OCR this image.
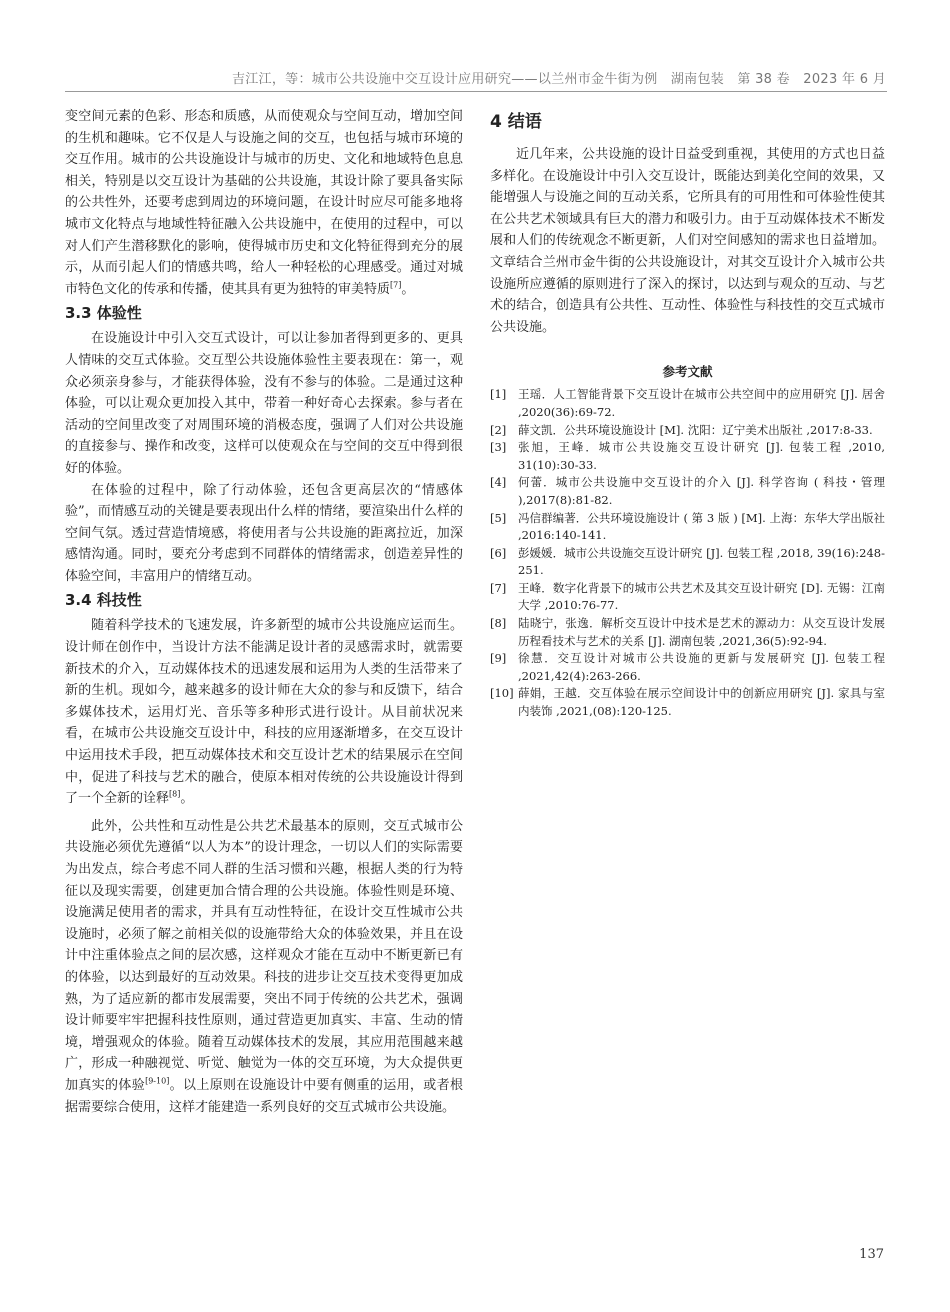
吉江江，等：城市公共设施中交互设计应用研究——以兰州市金牛街为例　湖南包装　第 38 卷　2023 年 6 月

变空间元素的色彩、形态和质感，从而使观众与空间互动，增加空间的生机和趣味。它不仅是人与设施之间的交互，也包括与城市环境的交互作用。城市的公共设施设计与城市的历史、文化和地域特色息息相关，特别是以交互设计为基础的公共设施，其设计除了要具备实际的公共性外，还要考虑到周边的环境问题，在设计时应尽可能多地将城市文化特点与地域性特征融入公共设施中，在使用的过程中，可以对人们产生潜移默化的影响，使得城市历史和文化特征得到充分的展示，从而引起人们的情感共鸣，给人一种轻松的心理感受。通过对城市特色文化的传承和传播，使其具有更为独特的审美特质[7]。

3.3 体验性

在设施设计中引入交互式设计，可以让参加者得到更多的、更具人情味的交互式体验。交互型公共设施体验性主要表现在：第一，观众必须亲身参与，才能获得体验，没有不参与的体验。二是通过这种体验，可以让观众更加投入其中，带着一种好奇心去探索。参与者在活动的空间里改变了对周围环境的消极态度，强调了人们对公共设施的直接参与、操作和改变，这样可以使观众在与空间的交互中得到很好的体验。

在体验的过程中，除了行动体验，还包含更高层次的“情感体验”，而情感互动的关键是要表现出什么样的情绪，要渲染出什么样的空间气氛。透过营造情境感，将使用者与公共设施的距离拉近，加深感情沟通。同时，要充分考虑到不同群体的情绪需求，创造差异性的体验空间，丰富用户的情绪互动。

3.4 科技性

随着科学技术的飞速发展，许多新型的城市公共设施应运而生。设计师在创作中，当设计方法不能满足设计者的灵感需求时，就需要新技术的介入，互动媒体技术的迅速发展和运用为人类的生活带来了新的生机。现如今，越来越多的设计师在大众的参与和反馈下，结合多媒体技术，运用灯光、音乐等多种形式进行设计。从目前状况来看，在城市公共设施交互设计中，科技的应用逐渐增多，在交互设计中运用技术手段，把互动媒体技术和交互设计艺术的结果展示在空间中，促进了科技与艺术的融合，使原本相对传统的公共设施设计得到了一个全新的诠释[8]。

此外，公共性和互动性是公共艺术最基本的原则，交互式城市公共设施必须优先遵循“以人为本”的设计理念，一切以人们的实际需要为出发点，综合考虑不同人群的生活习惯和兴趣，根据人类的行为特征以及现实需要，创建更加合情合理的公共设施。体验性则是环境、设施满足使用者的需求，并具有互动性特征，在设计交互性城市公共设施时，必须了解之前相关似的设施带给大众的体验效果，并且在设计中注重体验点之间的层次感，这样观众才能在互动中不断更新已有的体验，以达到最好的互动效果。科技的进步让交互技术变得更加成熟，为了适应新的都市发展需要，突出不同于传统的公共艺术，强调设计师要牢牢把握科技性原则，通过营造更加真实、丰富、生动的情境，增强观众的体验。随着互动媒体技术的发展，其应用范围越来越广，形成一种融视觉、听觉、触觉为一体的交互环境，为大众提供更加真实的体验[9-10]。以上原则在设施设计中要有侧重的运用，或者根据需要综合使用，这样才能建造一系列良好的交互式城市公共设施。

4 结语

近几年来，公共设施的设计日益受到重视，其使用的方式也日益多样化。在设施设计中引入交互设计，既能达到美化空间的效果，又能增强人与设施之间的互动关系，它所具有的可用性和可体验性使其在公共艺术领域具有巨大的潜力和吸引力。由于互动媒体技术不断发展和人们的传统观念不断更新，人们对空间感知的需求也日益增加。文章结合兰州市金牛街的公共设施设计，对其交互设计介入城市公共设施所应遵循的原则进行了深入的探讨，以达到与观众的互动、与艺术的结合，创造具有公共性、互动性、体验性与科技性的交互式城市公共设施。

参考文献
[1]	王瑶．人工智能背景下交互设计在城市公共空间中的应用研究 [J]. 居舍 ,2020(36):69-72.
[2]	薛文凯．公共环境设施设计 [M]. 沈阳：辽宁美术出版社 ,2017:8-33.
[3]	张旭，王峰．城市公共设施交互设计研究 [J]. 包装工程 ,2010, 31(10):30-33.
[4]	何蕾．城市公共设施中交互设计的介入 [J]. 科学咨询 ( 科技・管理 ),2017(8):81-82.
[5]	冯信群编著．公共环境设施设计 ( 第 3 版 ) [M]. 上海：东华大学出版社 ,2016:140-141.
[6]	彭媛媛．城市公共设施交互设计研究 [J]. 包装工程 ,2018, 39(16):248-251.
[7]	王峰．数字化背景下的城市公共艺术及其交互设计研究 [D]. 无锡：江南大学 ,2010:76-77.
[8]	陆晓宁，张逸．解析交互设计中技术是艺术的源动力：从交互设计发展历程看技术与艺术的关系 [J]. 湖南包装 ,2021,36(5):92-94.
[9]	徐慧．交互设计对城市公共设施的更新与发展研究 [J]. 包装工程 ,2021,42(4):263-266.
[10] 薛娟，王越．交互体验在展示空间设计中的创新应用研究 [J]. 家具与室内装饰 ,2021,(08):120-125.
137
